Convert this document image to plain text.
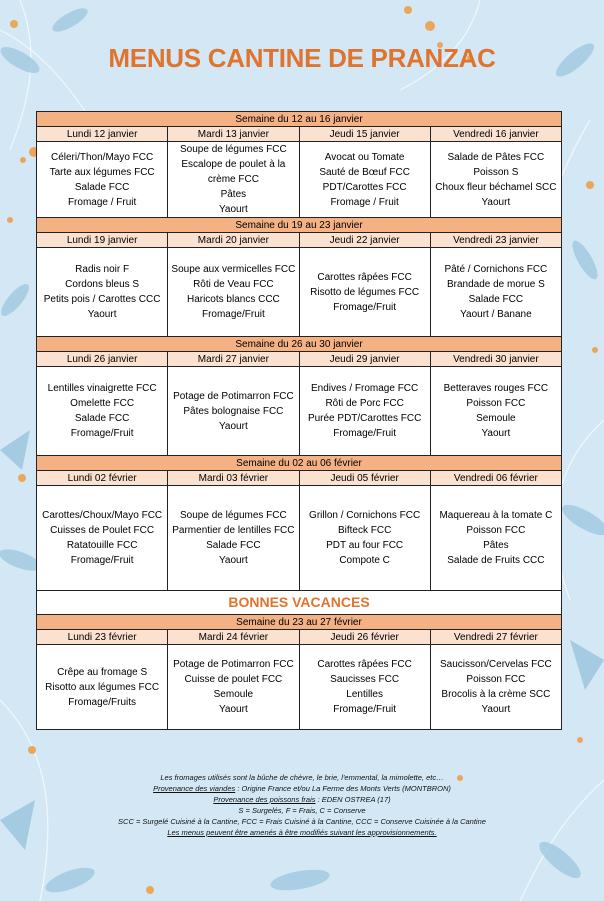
MENUS CANTINE DE PRANZAC
Semaine du 12 au 16 janvier			
Lundi 12 janvier	Mardi 13 janvier	Jeudi 15 janvier	Vendredi 16 janvier

Céleri/Thon/Mayo FCC
Tarte aux légumes FCC
Salade FCC
Fromage / Fruit	Soupe de légumes FCC
Escalope de poulet à la crème FCC
Pâtes
Yaourt	Avocat ou Tomate
Sauté de Bœuf FCC
PDT/Carottes FCC
Fromage / Fruit	Salade de Pâtes FCC
Poisson S
Choux fleur béchamel SCC
Yaourt

Semaine du 19 au 23 janvier			
Lundi 19 janvier	Mardi 20 janvier	Jeudi 22 janvier	Vendredi 23 janvier

Radis noir F
Cordons bleus S
Petits pois / Carottes CCC
Yaourt	Soupe aux vermicelles FCC
Rôti de Veau FCC
Haricots blancs CCC
Fromage/Fruit	Carottes râpées FCC
Risotto de légumes FCC
Fromage/Fruit	Pâté / Cornichons FCC
Brandade de morue S
Salade FCC
Yaourt / Banane

Semaine du 26 au 30 janvier			
Lundi 26 janvier	Mardi 27 janvier	Jeudi 29 janvier	Vendredi 30 janvier

Lentilles vinaigrette FCC
Omelette FCC
Salade FCC
Fromage/Fruit	Potage de Potimarron FCC
Pâtes bolognaise FCC
Yaourt	Endives / Fromage FCC
Rôti de Porc FCC
Purée PDT/Carottes FCC
Fromage/Fruit	Betteraves rouges FCC
Poisson FCC
Semoule
Yaourt

Semaine du 02 au 06 février			
Lundi 02 février	Mardi 03 février	Jeudi 05 février	Vendredi 06 février

Carottes/Choux/Mayo FCC
Cuisses de Poulet FCC
Ratatouille FCC
Fromage/Fruit	Soupe de légumes FCC
Parmentier de lentilles FCC
Salade FCC
Yaourt	Grillon / Cornichons FCC
Bifteck FCC
PDT au four FCC
Compote C	Maquereau à la tomate C
Poisson FCC
Pâtes
Salade de Fruits CCC

BONNES VACANCES			
Semaine du 23 au 27 février			
Lundi 23 février	Mardi 24 février	Jeudi 26 février	Vendredi 27 février

Crêpe au fromage S
Risotto aux légumes FCC
Fromage/Fruits	Potage de Potimarron FCC
Cuisse de poulet FCC
Semoule
Yaourt	Carottes râpées FCC
Saucisses FCC
Lentilles
Fromage/Fruit	Saucisson/Cervelas FCC
Poisson FCC
Brocolis à la crème SCC
Yaourt
Les fromages utilisés sont la bûche de chèvre, le brie, l'emmental, la mimolette, etc…
Provenance des viandes : Origine France et/ou La Ferme des Monts Verts (MONTBRON)
Provenance des poissons frais : EDEN OSTREA (17)
S = Surgelés, F = Frais, C = Conserve
SCC = Surgelé Cuisiné à la Cantine, FCC = Frais Cuisiné à la Cantine, CCC = Conserve Cuisinée à la Cantine
Les menus peuvent être amenés à être modifiés suivant les approvisionnements.
